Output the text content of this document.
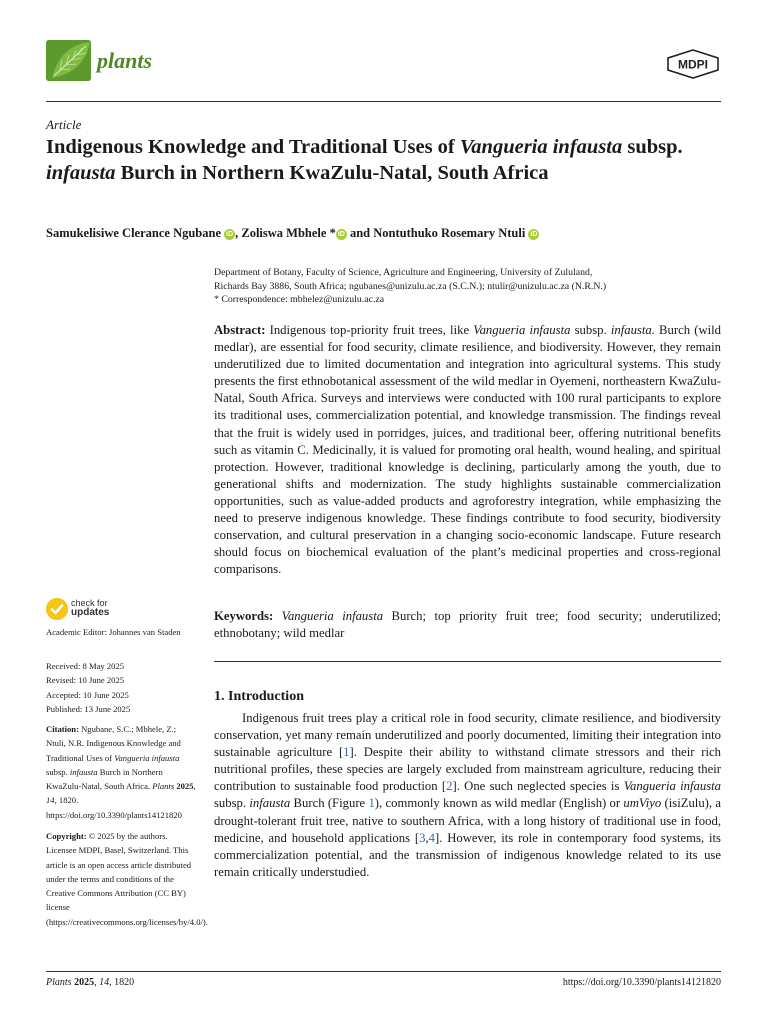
plants	MDPI
Article
Indigenous Knowledge and Traditional Uses of Vangueria infausta subsp. infausta Burch in Northern KwaZulu-Natal, South Africa
Samukelisiwe Clerance Ngubane iD , Zoliswa Mbhele * iD and Nontuthuko Rosemary Ntuli iD
Department of Botany, Faculty of Science, Agriculture and Engineering, University of Zululand,
Richards Bay 3886, South Africa; ngubanes@unizulu.ac.za (S.C.N.); ntulir@unizulu.ac.za (N.R.N.)
* Correspondence: mbhelez@unizulu.ac.za

Abstract: Indigenous top-priority fruit trees, like Vangueria infausta subsp. infausta. Burch (wild medlar), are essential for food security, climate resilience, and biodiversity. However, they remain underutilized due to limited documentation and integration into agricultural systems. This study presents the first ethnobotanical assessment of the wild medlar in Oyemeni, northeastern KwaZulu-Natal, South Africa. Surveys and interviews were conducted with 100 rural participants to explore its traditional uses, commercialization potential, and knowledge transmission. The findings reveal that the fruit is widely used in porridges, juices, and traditional beer, offering nutritional benefits such as vitamin C. Medicinally, it is valued for promoting oral health, wound healing, and spiritual protection. However, traditional knowledge is declining, particularly among the youth, due to generational shifts and modernization. The study highlights sustainable commercialization opportunities, such as value-added products and agroforestry integration, while emphasizing the need to preserve indigenous knowledge. These findings contribute to food security, biodiversity conservation, and cultural preservation in a changing socio-economic landscape. Future research should focus on biochemical evaluation of the plant’s medicinal properties and cross-regional comparisons.

Keywords: Vangueria infausta Burch; top priority fruit tree; food security; underutilized; ethnobotany; wild medlar

1. Introduction

Indigenous fruit trees play a critical role in food security, climate resilience, and biodiversity conservation, yet many remain underutilized and poorly documented, limiting their integration into sustainable agriculture [1]. Despite their ability to withstand climate stressors and their rich nutritional profiles, these species are largely excluded from mainstream agriculture, reducing their contribution to sustainable food production [2]. One such neglected species is Vangueria infausta subsp. infausta Burch (Figure 1), commonly known as wild medlar (English) or umViyo (isiZulu), a drought-tolerant fruit tree, native to southern Africa, with a long history of traditional use in food, medicine, and household applications [3,4]. However, its role in contemporary food systems, its commercialization potential, and the transmission of indigenous knowledge related to its use remain critically understudied.

check for
updates
Academic Editor: Johannes van Staden

Received: 8 May 2025

Revised: 10 June 2025

Accepted: 10 June 2025

Published: 13 June 2025

Citation: Ngubane, S.C.; Mbhele, Z.; Ntuli, N.R. Indigenous Knowledge and Traditional Uses of Vangueria infausta subsp. infausta Burch in Northern KwaZulu-Natal, South Africa. Plants 2025, 14, 1820. https://doi.org/10.3390/plants14121820

Copyright: © 2025 by the authors. Licensee MDPI, Basel, Switzerland. This article is an open access article distributed under the terms and conditions of the Creative Commons Attribution (CC BY) license (https://creativecommons.org/licenses/by/4.0/).

Plants 2025, 14, 1820	https://doi.org/10.3390/plants14121820
